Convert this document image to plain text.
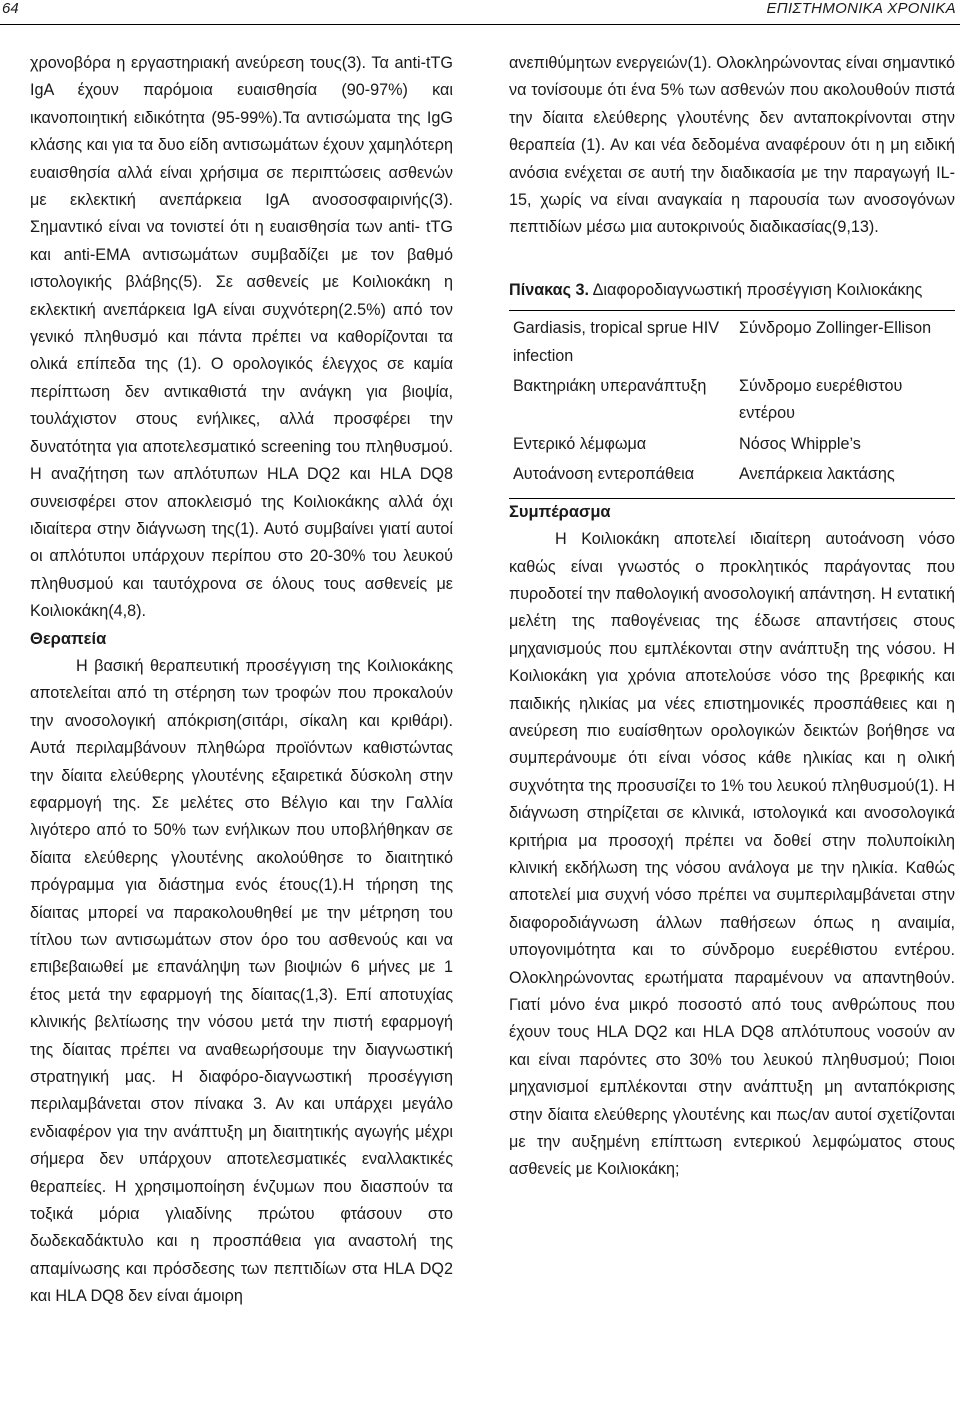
64	ΕΠΙΣΤΗΜΟΝΙΚΑ ΧΡΟΝΙΚΑ

χρονοβόρα η εργαστηριακή ανεύρεση τους(3). Τα anti-tTG IgA έχουν παρόμοια ευαισθησία (90-97%) και ικανοποιητική ειδικότητα (95-99%).Τα αντισώματα της IgG κλάσης και για τα δυο είδη αντισωμάτων έχουν χαμηλότερη ευαισθησία αλλά είναι χρήσιμα σε περιπτώσεις ασθενών με εκλεκτική ανεπάρκεια IgA ανοσοσφαιρινής(3). Σημαντικό είναι να τονιστεί ότι η ευαισθησία των anti- tTG και anti-EMA αντισωμάτων συμβαδίζει με τον βαθμό ιστολογικής βλάβης(5). Σε ασθενείς με Κοιλιοκάκη η εκλεκτική ανεπάρκεια IgA είναι συχνότερη(2.5%) από τον γενικό πληθυσμό και πάντα πρέπει να καθορίζονται τα ολικά επίπεδα της (1). Ο ορολογικός έλεγχος σε καμία περίπτωση δεν αντικαθιστά την ανάγκη για βιοψία, τουλάχιστον στους ενήλικες, αλλά προσφέρει την δυνατότητα για αποτελεσματικό screening του πληθυσμού. Η αναζήτηση των απλότυπων HLA DQ2 και HLA DQ8 συνεισφέρει στον αποκλεισμό της Κοιλιοκάκης αλλά όχι ιδιαίτερα στην διάγνωση της(1). Αυτό συμβαίνει γιατί αυτοί οι απλότυποι υπάρχουν περίπου στο 20-30% του λευκού πληθυσμού και ταυτόχρονα σε όλους τους ασθενείς με Κοιλιοκάκη(4,8).

Θεραπεία

Η βασική θεραπευτική προσέγγιση της Κοιλιοκάκης αποτελείται από τη στέρηση των τροφών που προκαλούν την ανοσολογική απόκριση(σιτάρι, σίκαλη και κριθάρι). Αυτά περιλαμβάνουν πληθώρα προϊόντων καθιστώντας την δίαιτα ελεύθερης γλουτένης εξαιρετικά δύσκολη στην εφαρμογή της. Σε μελέτες στο Βέλγιο και την Γαλλία λιγότερο από το 50% των ενήλικων που υποβλήθηκαν σε δίαιτα ελεύθερης γλουτένης ακολούθησε το διαιτητικό πρόγραμμα για διάστημα ενός έτους(1).Η τήρηση της δίαιτας μπορεί να παρακολουθηθεί με την μέτρηση του τίτλου των αντισωμάτων στον όρο του ασθενούς και να επιβεβαιωθεί με επανάληψη των βιοψιών 6 μήνες με 1 έτος μετά την εφαρμογή της δίαιτας(1,3). Επί αποτυχίας κλινικής βελτίωσης την νόσου μετά την πιστή εφαρμογή της δίαιτας πρέπει να αναθεωρήσουμε την διαγνωστική στρατηγική μας. Η διαφόρο-διαγνωστική προσέγγιση περιλαμβάνεται στον πίνακα 3. Αν και υπάρχει μεγάλο ενδιαφέρον για την ανάπτυξη μη διαιτητικής αγωγής μέχρι σήμερα δεν υπάρχουν αποτελεσματικές εναλλακτικές θεραπείες. Η χρησιμοποίηση ένζυμων που διασπούν τα τοξικά μόρια γλιαδίνης πρώτου φτάσουν στο δωδεκαδάκτυλο και η προσπάθεια για αναστολή της απαμίνωσης και πρόσδεσης των πεπτιδίων στα HLA DQ2 και HLA DQ8 δεν είναι άμοιρη

ανεπιθύμητων ενεργειών(1). Ολοκληρώνοντας είναι σημαντικό να τονίσουμε ότι ένα 5% των ασθενών που ακολουθούν πιστά την δίαιτα ελεύθερης γλουτένης δεν ανταποκρίνονται στην θεραπεία (1). Αν και νέα δεδομένα αναφέρουν ότι η μη ειδική ανόσια ενέχεται σε αυτή την διαδικασία με την παραγωγή IL-15, χωρίς να είναι αναγκαία η παρουσία των ανοσογόνων πεπτιδίων μέσω μια αυτοκρινούς διαδικασίας(9,13).

Πίνακας 3. Διαφοροδιαγνωστική προσέγγιση Κοιλιοκάκης
Gardiasis, tropical sprue HIV infection	Σύνδρομο Zollinger-Ellison
Βακτηριάκη υπερανάπτυξη	Σύνδρομο ευερέθιστου εντέρου
Εντερικό λέμφωμα	Νόσος Whipple’s
Αυτοάνοση εντεροπάθεια	Ανεπάρκεια λακτάσης

Συμπέρασμα

Η Κοιλιοκάκη αποτελεί ιδιαίτερη αυτοάνοση νόσο καθώς είναι γνωστός ο προκλητικός παράγοντας που πυροδοτεί την παθολογική ανοσολογική απάντηση. Η εντατική μελέτη της παθογένειας της έδωσε απαντήσεις στους μηχανισμούς που εμπλέκονται στην ανάπτυξη της νόσου. Η Κοιλιοκάκη για χρόνια αποτελούσε νόσο της βρεφικής και παιδικής ηλικίας μα νέες επιστημονικές προσπάθειες και η ανεύρεση πιο ευαίσθητων ορολογικών δεικτών βοήθησε να συμπεράνουμε ότι είναι νόσος κάθε ηλικίας και η ολική συχνότητα της προσυσίζει το 1% του λευκού πληθυσμού(1). Η διάγνωση στηρίζεται σε κλινικά, ιστολογικά και ανοσολογικά κριτήρια μα προσοχή πρέπει να δοθεί στην πολυποίκιλη κλινική εκδήλωση της νόσου ανάλογα με την ηλικία. Καθώς αποτελεί μια συχνή νόσο πρέπει να συμπεριλαμβάνεται στην διαφοροδιάγνωση άλλων παθήσεων όπως η αναιμία, υπογονιμότητα και το σύνδρομο ευερέθιστου εντέρου. Ολοκληρώνοντας ερωτήματα παραμένουν να απαντηθούν. Γιατί μόνο ένα μικρό ποσοστό από τους ανθρώπους που έχουν τους HLA DQ2 και HLA DQ8 απλότυπους νοσούν αν και είναι παρόντες στο 30% του λευκού πληθυσμού; Ποιοι μηχανισμοί εμπλέκονται στην ανάπτυξη μη ανταπόκρισης στην δίαιτα ελεύθερης γλουτένης και πως/αν αυτοί σχετίζονται με την αυξημένη επίπτωση εντερικού λεμφώματος στους ασθενείς με Κοιλιοκάκη;
